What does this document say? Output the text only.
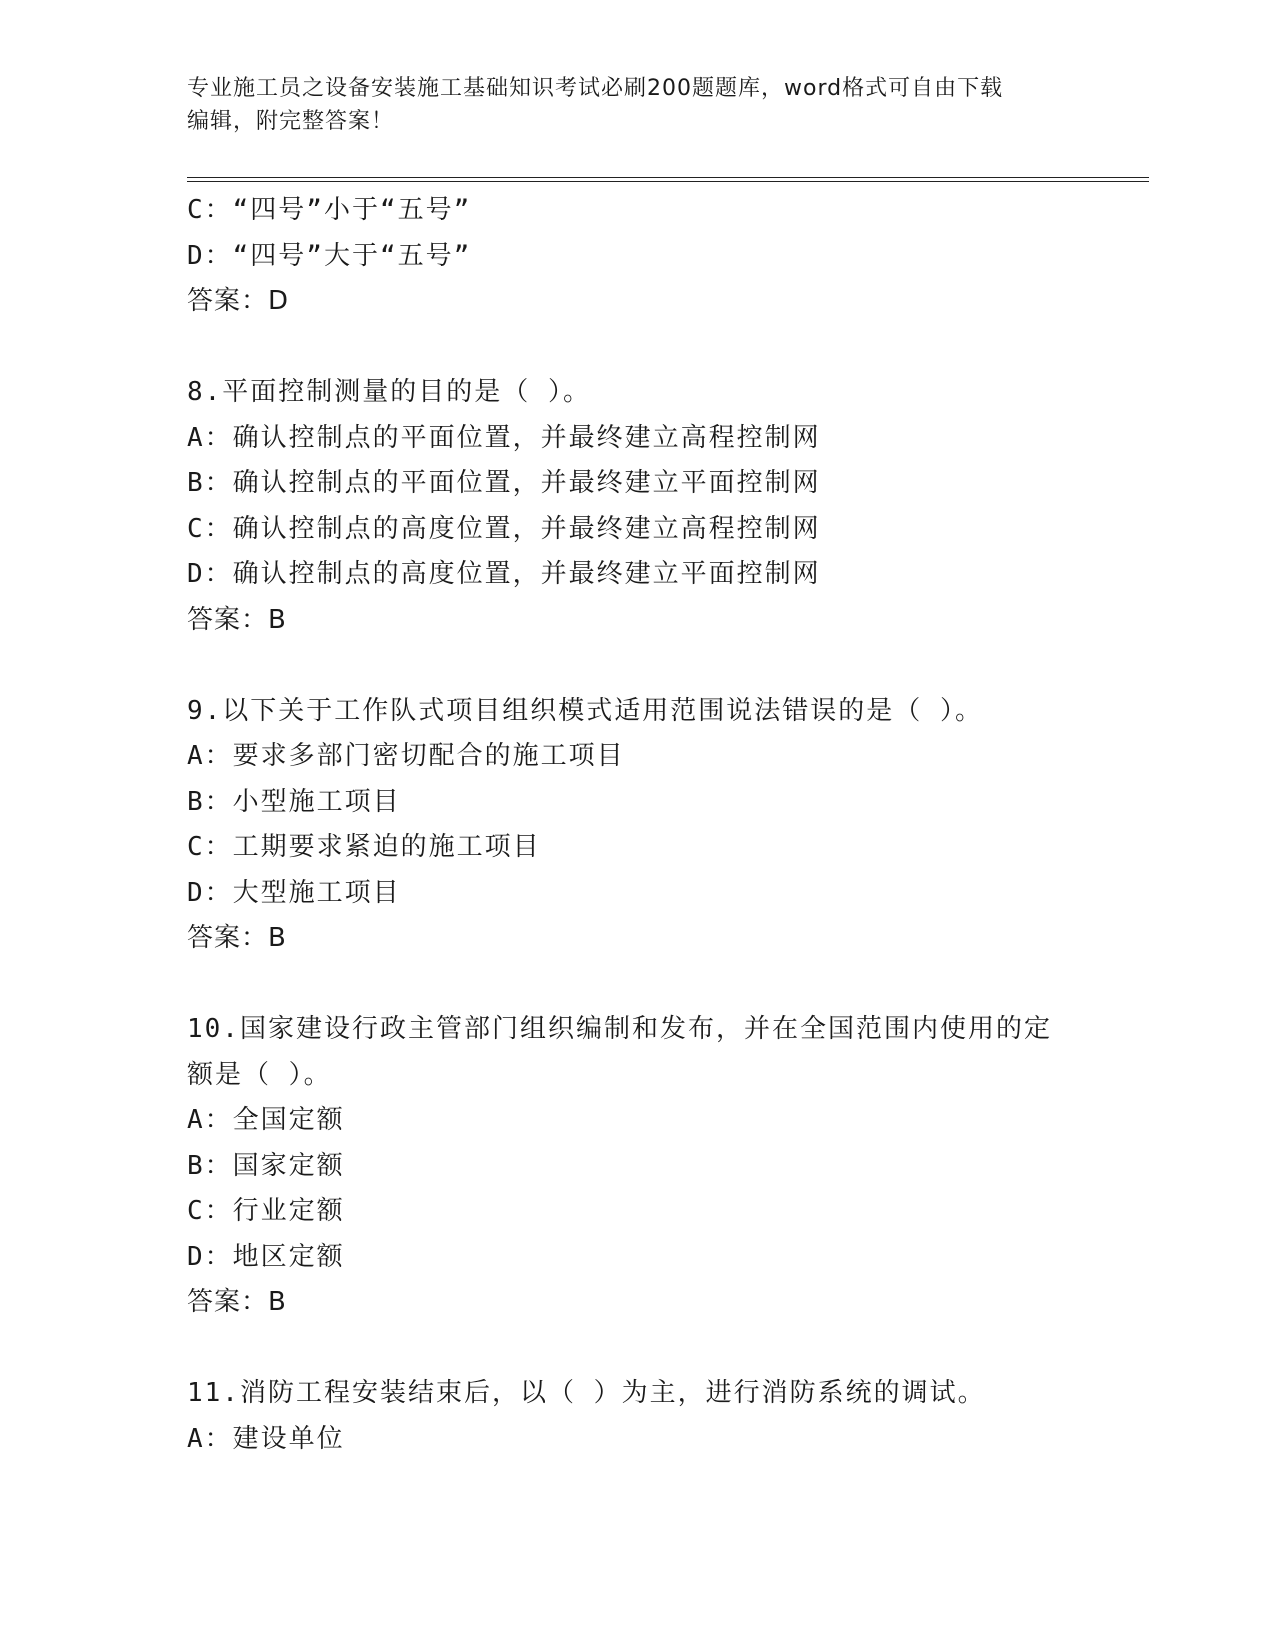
专业施工员之设备安装施工基础知识考试必刷200题题库，word格式可自由下载
编辑，附完整答案！
C：“四号”小于“五号”
D：“四号”大于“五号”
答案：D
8.平面控制测量的目的是（ ）。
A：确认控制点的平面位置，并最终建立高程控制网
B：确认控制点的平面位置，并最终建立平面控制网
C：确认控制点的高度位置，并最终建立高程控制网
D：确认控制点的高度位置，并最终建立平面控制网
答案：B
9.以下关于工作队式项目组织模式适用范围说法错误的是（ ）。
A：要求多部门密切配合的施工项目
B：小型施工项目
C：工期要求紧迫的施工项目
D：大型施工项目
答案：B
10.国家建设行政主管部门组织编制和发布，并在全国范围内使用的定
额是（ ）。
A：全国定额
B：国家定额
C：行业定额
D：地区定额
答案：B
11.消防工程安装结束后，以（ ）为主，进行消防系统的调试。
A：建设单位
